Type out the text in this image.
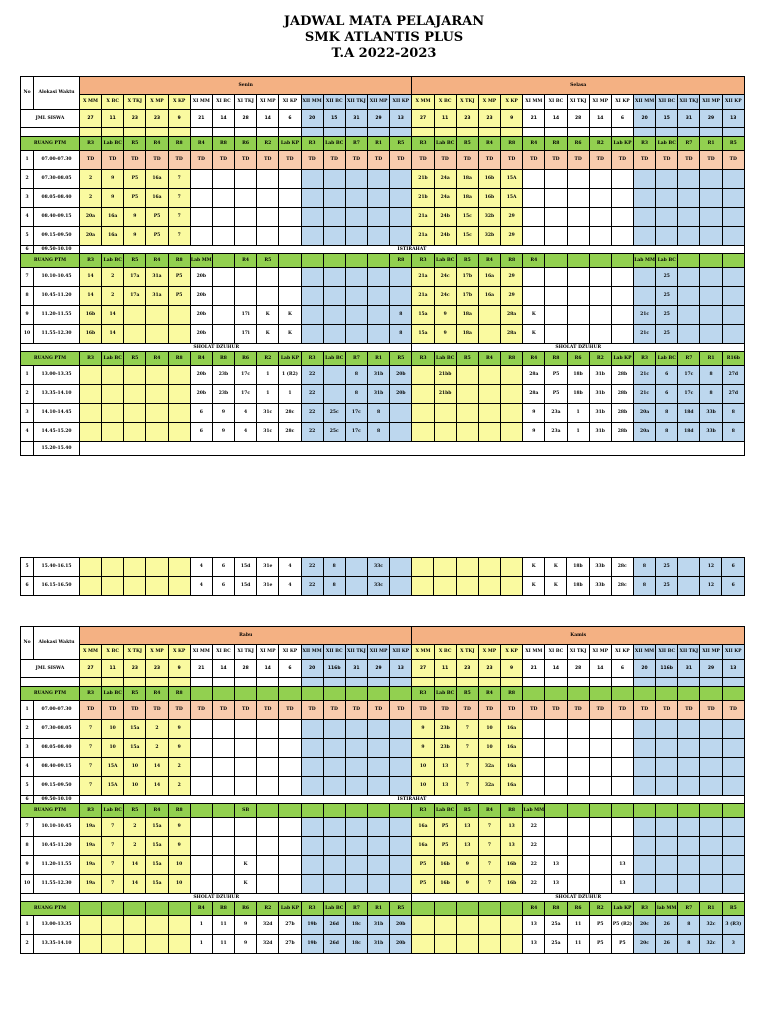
JADWAL MATA PELAJARAN
SMK ATLANTIS PLUS
T.A 2022-2023
No	Alokasi Waktu	Senin															Selasa														
		X MM	X BC	X TKJ	X MP	X KP	XI MM	XI BC	XI TKJ	XI MP	XI KP	XII MM	XII BC	XII TKJ	XII MP	XII KP	X MM	X BC	X TKJ	X MP	X KP	XI MM	XI BC	XI TKJ	XI MP	XI KP	XII MM	XII BC	XII TKJ	XII MP	XII KP
JML SISWA		27	11	23	23	9	21	14	28	14	6	20	15	31	29	13	27	11	23	23	9	21	14	28	14	6	20	15	31	29	13

RUANG PTM		R3	Lab BC	R5	R4	R8	R4	R8	R6	R2	Lab KP	R3	Lab BC	R7	R1	R5	R3	Lab BC	R5	R4	R8	R4	R8	R6	R2	Lab KP	R3	Lab BC	R7	R1	R5
1	07.00-07.30	TD	TD	TD	TD	TD	TD	TD	TD	TD	TD	TD	TD	TD	TD	TD	TD	TD	TD	TD	TD	TD	TD	TD	TD	TD	TD	TD	TD	TD	TD
2	07.30-08.05	2	9	P5	16a	7											21b	24a	18a	16b	15A										
3	08.05-08.40	2	9	P5	16a	7											21b	24a	18a	16b	15A										
4	08.40-09.15	20a	16a	9	P5	7											21a	24b	15c	32b	29										
5	09.15-09.50	20a	16a	9	P5	7											21a	24b	15c	32b	29										
6	09.50-10.10	ISTIRAHAT																													
RUANG PTM		R3	Lab BC	R5	R4	R8	Lab MM		R4	R5						R8	R3	Lab BC	R5	R4	R8	R4					Lab MM	Lab BC			
7	10.10-10.45	14	2	17a	31a	P5	20b										21a	24c	17b	16a	29							25			
8	10.45-11.20	14	2	17a	31a	P5	20b										21a	24c	17b	16a	29							25			
9	11.20-11.55	16b	14				20b		17i	K	K					8	15a	9	18a		28a	K					21c	25			
10	11.55-12.30	16b	14				20b		17i	K	K					8	15a	9	18a		28a	K					21c	25			
SHOLAT DZUHUR																	SHOLAT DZUHUR														
RUANG PTM		R3	Lab BC	R5	R4	R8	R4	R8	R6	R2	Lab KP	R3	Lab BC	R7	R1	R5	R3	Lab BC	R5	R4	R8	R4	R8	R6	R2	Lab KP	R3	Lab BC	R7	R1	R16b
1	13.00-13.35						20b	23b	17c	1	1 (R2)	22		8	31b	20b		21bb				28a	P5	18b	31b	28b	21c	6	17c	8	27d
2	13.35-14.10						20b	23b	17c	1	1	22		8	31b	20b		21bb				28a	P5	18b	31b	28b	21c	6	17c	8	27d
3	14.10-14.45						6	9	4	31c	28c	22	25c	17c	8							9	23a	1	31b	28b	20a	8	18d	33b	8
4	14.45-15.20						6	9	4	31c	28c	22	25c	17c	8							9	23a	1	31b	28b	20a	8	18d	33b	8
	15.20-15.40																														
5	15.40-16.15						4	6	15d	31e	4	22	8		33c							K	K	18b	33b	28c	8	25		12	6
6	16.15-16.50						4	6	15d	31e	4	22	8		33c							K	K	18b	33b	28c	8	25		12	6
No	Alokasi Waktu	Rabu															Kamis														
		X MM	X BC	X TKJ	X MP	X KP	XI MM	XI BC	XI TKJ	XI MP	XI KP	XII MM	XII BC	XII TKJ	XII MP	XII KP	X MM	X BC	X TKJ	X MP	X KP	XI MM	XI BC	XI TKJ	XI MP	XI KP	XII MM	XII BC	XII TKJ	XII MP	XII KP
JML SISWA		27	11	23	23	9	21	14	28	14	6	20	116b	31	29	13	27	11	23	23	9	21	14	28	14	6	20	116b	31	29	13

RUANG PTM		R3	Lab BC	R5	R4	R8											R3	Lab BC	R5	R4	R8										
1	07.00-07.30	TD	TD	TD	TD	TD	TD	TD	TD	TD	TD	TD	TD	TD	TD	TD	TD	TD	TD	TD	TD	TD	TD	TD	TD	TD	TD	TD	TD	TD	TD
2	07.30-08.05	7	10	15a	2	9											9	23b	7	10	16a										
3	08.05-08.40	7	10	15a	2	9											9	23b	7	10	16a										
4	08.40-09.15	7	15A	10	14	2											10	13	7	32a	16a										
5	09.15-09.50	7	15A	10	14	2											10	13	7	32a	16a										
6	09.50-10.10	ISTIRAHAT																													
RUANG PTM		R3	Lab BC	R5	R4	R8			SB								R3	Lab BC	R5	R4	R8	Lab MM									
7	10.10-10.45	19a	7	2	15a	9											16a	P5	13	7	13	22									
8	10.45-11.20	19a	7	2	15a	9											16a	P5	13	7	13	22									
9	11.20-11.55	19a	7	14	15a	10			K								P5	16b	9	7	16b	22	13			13					
10	11.55-12.30	19a	7	14	15a	10			K								P5	16b	9	7	16b	22	13			13					
SHOLAT DZUHUR																	SHOLAT DZUHUR														
RUANG PTM							R4	R8	R6	R2	Lab KP	R3	Lab BC	R7	R1	R5						R4	R8	R6	R2	Lab KP	R3	lab MM	R7	R1	R5
1	13.00-13.35						1	11	9	32d	27b	19b	26d	18c	31b	20b						13	25a	11	P5	P5 (R2)	20c	26	8	32c	3 (R3)
2	13.35-14.10						1	11	9	32d	27b	19b	26d	18c	31b	20b						13	25a	11	P5	P5	20c	26	8	32c	3
